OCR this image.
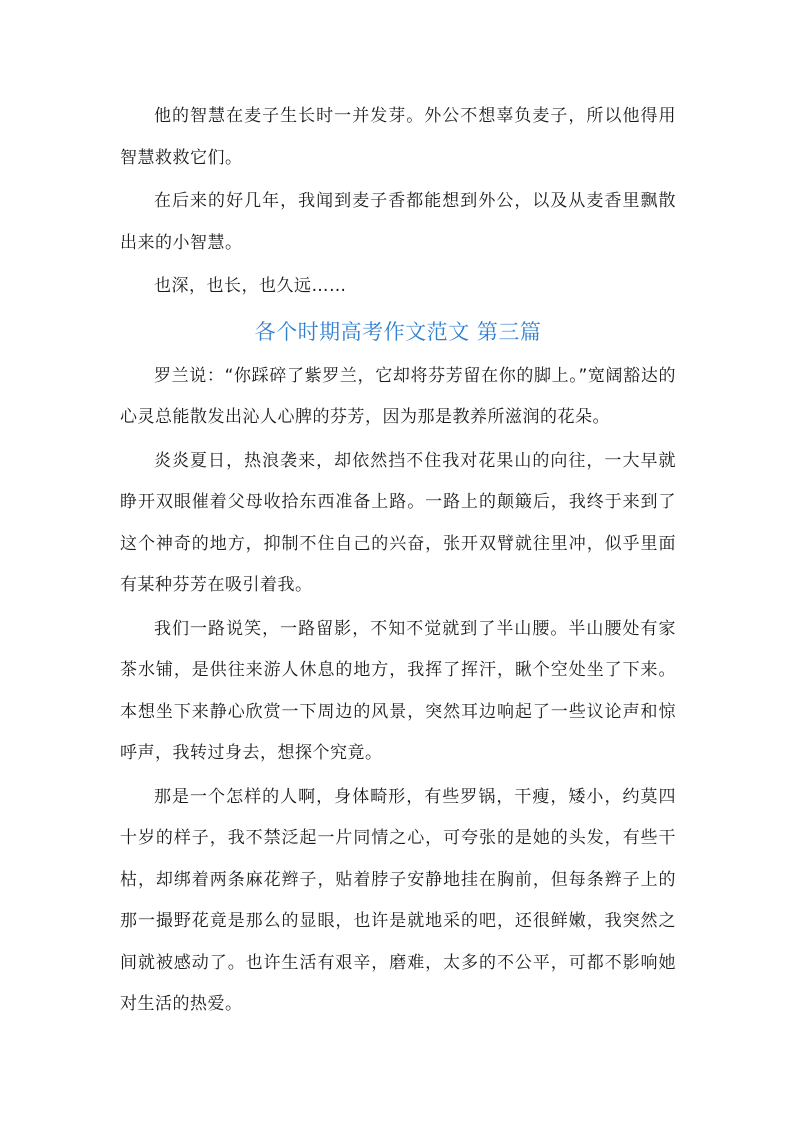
他的智慧在麦子生长时一并发芽。外公不想辜负麦子，所以他得用智慧救救它们。

在后来的好几年，我闻到麦子香都能想到外公，以及从麦香里飘散出来的小智慧。

也深，也长，也久远……

各个时期高考作文范文 第三篇

罗兰说：“你踩碎了紫罗兰，它却将芬芳留在你的脚上。”宽阔豁达的心灵总能散发出沁人心脾的芬芳，因为那是教养所滋润的花朵。

炎炎夏日，热浪袭来，却依然挡不住我对花果山的向往，一大早就睁开双眼催着父母收拾东西准备上路。一路上的颠簸后，我终于来到了这个神奇的地方，抑制不住自己的兴奋，张开双臂就往里冲，似乎里面有某种芬芳在吸引着我。

我们一路说笑，一路留影，不知不觉就到了半山腰。半山腰处有家茶水铺，是供往来游人休息的地方，我挥了挥汗，瞅个空处坐了下来。本想坐下来静心欣赏一下周边的风景，突然耳边响起了一些议论声和惊呼声，我转过身去，想探个究竟。

那是一个怎样的人啊，身体畸形，有些罗锅，干瘦，矮小，约莫四十岁的样子，我不禁泛起一片同情之心，可夸张的是她的头发，有些干枯，却绑着两条麻花辫子，贴着脖子安静地挂在胸前，但每条辫子上的那一撮野花竟是那么的显眼，也许是就地采的吧，还很鲜嫩，我突然之间就被感动了。也许生活有艰辛，磨难，太多的不公平，可都不影响她对生活的热爱。
